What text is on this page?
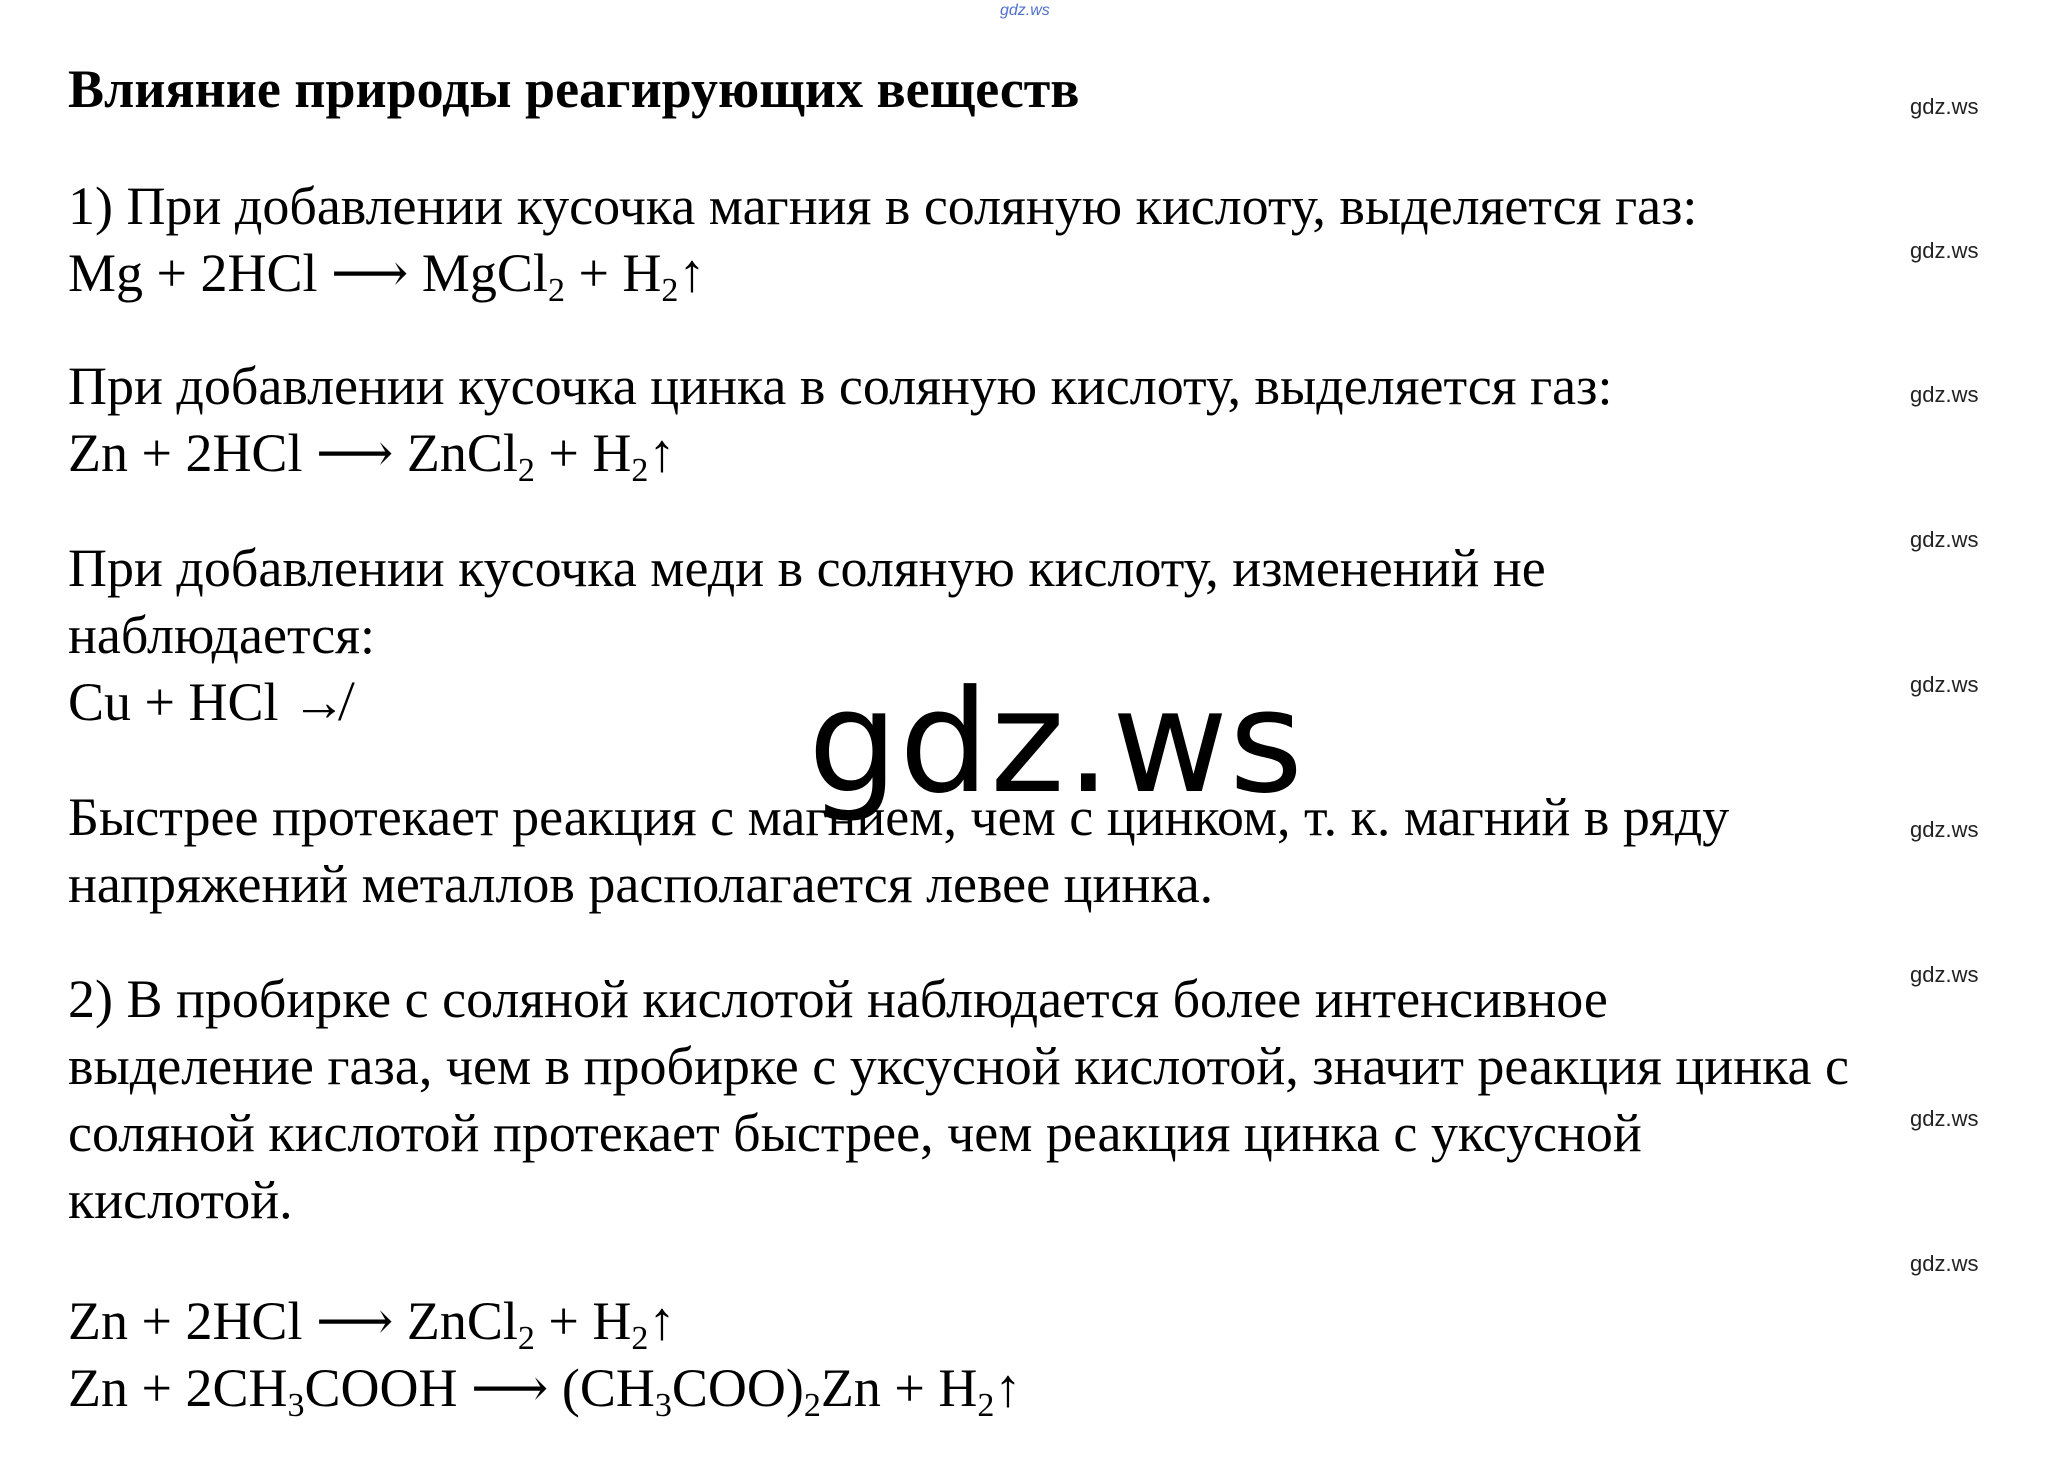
gdz.ws
gdz.ws
gdz.ws
gdz.ws
gdz.ws
gdz.ws
gdz.ws
gdz.ws
gdz.ws
gdz.ws
Влияние природы реагирующих веществ
1) При добавлении кусочка магния в соляную кислоту, выделяется газ:
Mg + 2HCl ⟶ MgCl$_2$ + $H_2↑$
При добавлении кусочка цинка в соляную кислоту, выделяется газ:
Zn + 2HCl ⟶ ZnCl$_2$ + $H_2↑$
При добавлении кусочка меди в соляную кислоту, изменений не
наблюдается:
Cu + HCl ↛
Быстрее протекает реакция с магнием, чем с цинком, т. к. магний в ряду
напряжений металлов располагается левее цинка.
2) В пробирке с соляной кислотой наблюдается более интенсивное
выделение газа, чем в пробирке с уксусной кислотой, значит реакция цинка с
соляной кислотой протекает быстрее, чем реакция цинка с уксусной
кислотой.
Zn + 2HCl ⟶ ZnCl$_2$ + $H_2↑$
$Zn + 2CH_3COOH$ ⟶ $(CH_3COO)_2Zn$ + $H_2↑$
gdz.ws
